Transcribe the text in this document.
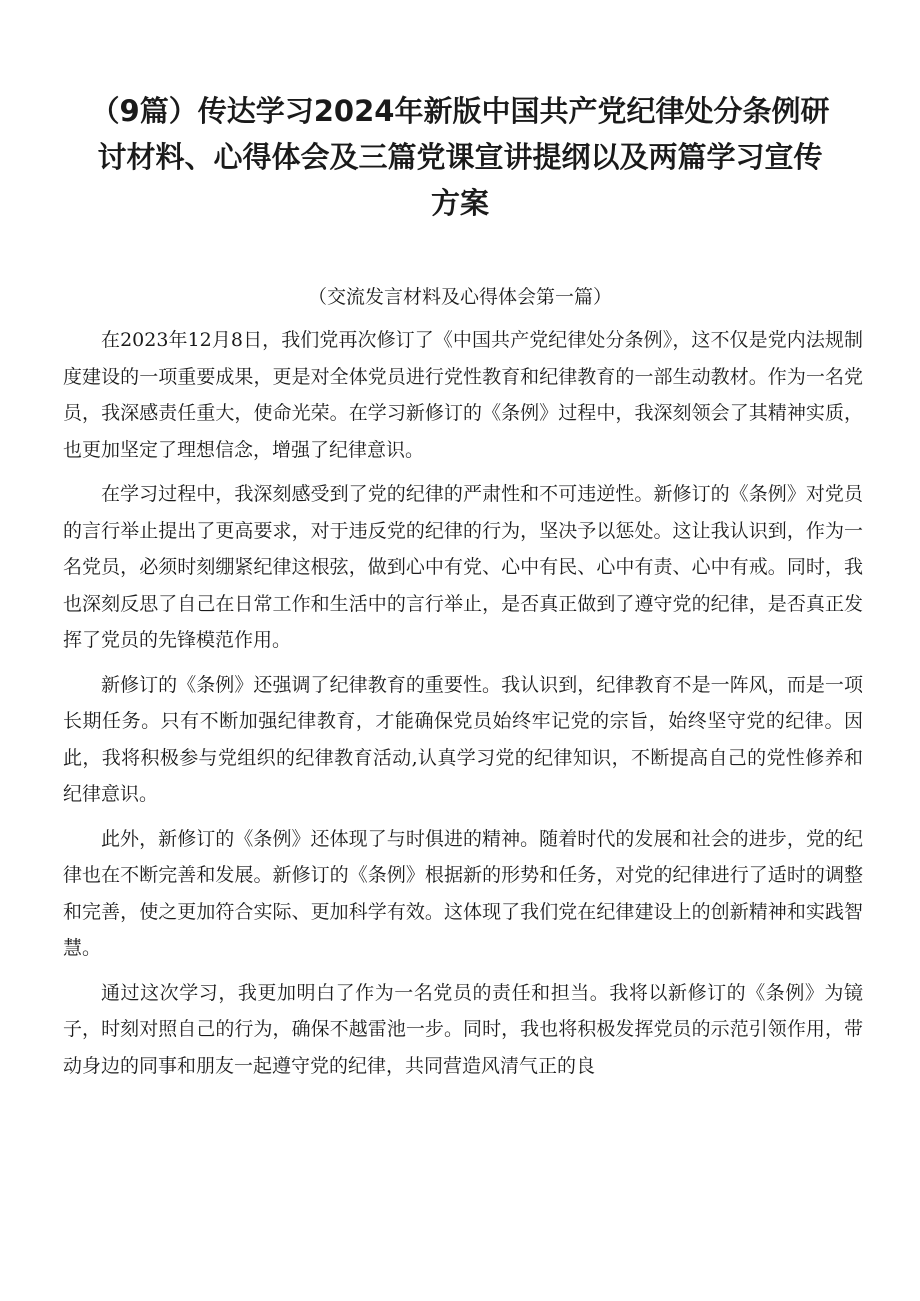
（9篇）传达学习2024年新版中国共产党纪律处分条例研讨材料、心得体会及三篇党课宣讲提纲以及两篇学习宣传方案
（交流发言材料及心得体会第一篇）

在2023年12月8日，我们党再次修订了《中国共产党纪律处分条例》，这不仅是党内法规制度建设的一项重要成果，更是对全体党员进行党性教育和纪律教育的一部生动教材。作为一名党员，我深感责任重大，使命光荣。在学习新修订的《条例》过程中，我深刻领会了其精神实质，也更加坚定了理想信念，增强了纪律意识。

在学习过程中，我深刻感受到了党的纪律的严肃性和不可违逆性。新修订的《条例》对党员的言行举止提出了更高要求，对于违反党的纪律的行为，坚决予以惩处。这让我认识到，作为一名党员，必须时刻绷紧纪律这根弦，做到心中有党、心中有民、心中有责、心中有戒。同时，我也深刻反思了自己在日常工作和生活中的言行举止，是否真正做到了遵守党的纪律，是否真正发挥了党员的先锋模范作用。

新修订的《条例》还强调了纪律教育的重要性。我认识到，纪律教育不是一阵风，而是一项长期任务。只有不断加强纪律教育，才能确保党员始终牢记党的宗旨，始终坚守党的纪律。因此，我将积极参与党组织的纪律教育活动,认真学习党的纪律知识，不断提高自己的党性修养和纪律意识。

此外，新修订的《条例》还体现了与时俱进的精神。随着时代的发展和社会的进步，党的纪律也在不断完善和发展。新修订的《条例》根据新的形势和任务，对党的纪律进行了适时的调整和完善，使之更加符合实际、更加科学有效。这体现了我们党在纪律建设上的创新精神和实践智慧。

通过这次学习，我更加明白了作为一名党员的责任和担当。我将以新修订的《条例》为镜子，时刻对照自己的行为，确保不越雷池一步。同时，我也将积极发挥党员的示范引领作用，带动身边的同事和朋友一起遵守党的纪律，共同营造风清气正的良
